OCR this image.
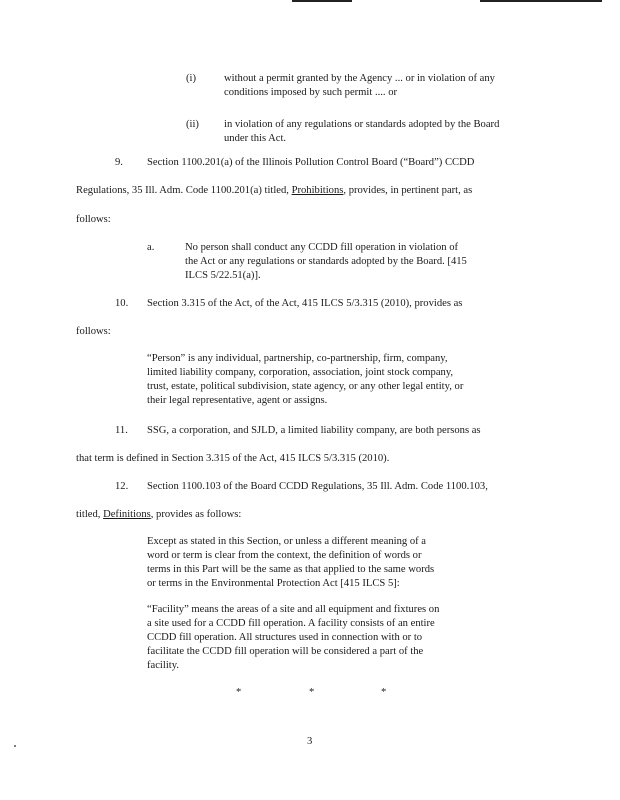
(i)	without a permit granted by the Agency ... or in violation of any

conditions imposed by such permit .... or

(ii) in violation of any regulations or standards adopted by the Board

under this Act.

9. Section 1100.201(a) of the Illinois Pollution Control Board (“Board”) CCDD

Regulations, 35 Ill. Adm. Code 1100.201(a) titled, Prohibitions, provides, in pertinent part, as

follows:

a.	No person shall conduct any CCDD fill operation in violation of

the Act or any regulations or standards adopted by the Board. [415

ILCS 5/22.51(a)].

10. Section 3.315 of the Act, of the Act, 415 ILCS 5/3.315 (2010), provides as

follows:

“Person” is any individual, partnership, co-partnership, firm, company,

limited liability company, corporation, association, joint stock company,

trust, estate, political subdivision, state agency, or any other legal entity, or

their legal representative, agent or assigns.

11. SSG, a corporation, and SJLD, a limited liability company, are both persons as

that term is defined in Section 3.315 of the Act, 415 ILCS 5/3.315 (2010).

12. Section 1100.103 of the Board CCDD Regulations, 35 Ill. Adm. Code 1100.103,

titled, Definitions, provides as follows:

Except as stated in this Section, or unless a different meaning of a

word or term is clear from the context, the definition of words or

terms in this Part will be the same as that applied to the same words

or terms in the Environmental Protection Act [415 ILCS 5]:

“Facility” means the areas of a site and all equipment and fixtures on

a site used for a CCDD fill operation. A facility consists of an entire

CCDD fill operation. All structures used in connection with or to

facilitate the CCDD fill operation will be considered a part of the

facility.

*	*	*

3
